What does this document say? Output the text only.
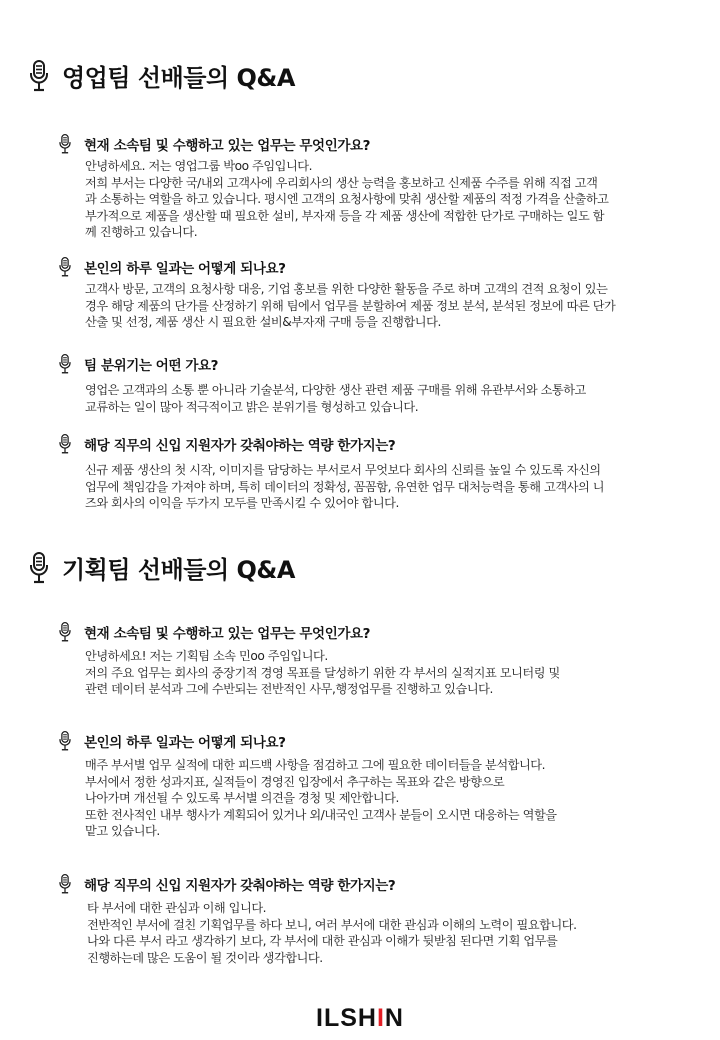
영업팀 선배들의 Q&A
현재 소속팀 및 수행하고 있는 업무는 무엇인가요?
안녕하세요. 저는 영업그룹 박oo 주임입니다.
저희 부서는 다양한 국/내외 고객사에 우리회사의 생산 능력을 홍보하고 신제품 수주를 위해 직접 고객
과 소통하는 역할을 하고 있습니다. 평시엔 고객의 요청사항에 맞춰 생산할 제품의 적정 가격을 산출하고
부가적으로 제품을 생산할 때 필요한 설비, 부자재 등을 각 제품 생산에 적합한 단가로 구매하는 일도 함
께 진행하고 있습니다.
본인의 하루 일과는 어떻게 되나요?
고객사 방문, 고객의 요청사항 대응, 기업 홍보를 위한 다양한 활동을 주로 하며 고객의 견적 요청이 있는
경우 해당 제품의 단가를 산정하기 위해 팀에서 업무를 분할하여 제품 정보 분석, 분석된 정보에 따른 단가
산출 및 선정, 제품 생산 시 필요한 설비&부자재 구매 등을 진행합니다.
팀 분위기는 어떤 가요?
영업은 고객과의 소통 뿐 아니라 기술분석, 다양한 생산 관련 제품 구매를 위해 유관부서와 소통하고
교류하는 일이 많아 적극적이고 밝은 분위기를 형성하고 있습니다.
해당 직무의 신입 지원자가 갖춰야하는 역량 한가지는?
신규 제품 생산의 첫 시작, 이미지를 담당하는 부서로서 무엇보다 회사의 신뢰를 높일 수 있도록 자신의
업무에 책임감을 가져야 하며, 특히 데이터의 정확성, 꼼꼼함, 유연한 업무 대처능력을 통해 고객사의 니
즈와 회사의 이익을 두가지 모두를 만족시킬 수 있어야 합니다.
기획팀 선배들의 Q&A
현재 소속팀 및 수행하고 있는 업무는 무엇인가요?
안녕하세요! 저는 기획팀 소속 민oo 주임입니다.
저의 주요 업무는 회사의 중장기적 경영 목표를 달성하기 위한 각 부서의 실적지표 모니터링 및
관련 데이터 분석과 그에 수반되는 전반적인 사무,행정업무를 진행하고 있습니다.
본인의 하루 일과는 어떻게 되나요?
매주 부서별 업무 실적에 대한 피드백 사항을 점검하고 그에 필요한 데이터들을 분석합니다.
부서에서 정한 성과지표, 실적들이 경영진 입장에서 추구하는 목표와 같은 방향으로
나아가며 개선될 수 있도록 부서별 의견을 경청 및 제안합니다.
또한 전사적인 내부 행사가 계획되어 있거나 외/내국인 고객사 분들이 오시면 대응하는 역할을
맡고 있습니다.
해당 직무의 신입 지원자가 갖춰야하는 역량 한가지는?
타 부서에 대한 관심과 이해 입니다.
전반적인 부서에 걸친 기획업무를 하다 보니, 여러 부서에 대한 관심과 이해의 노력이 필요합니다.
나와 다른 부서 라고 생각하기 보다, 각 부서에 대한 관심과 이해가 뒷받침 된다면 기획 업무를
진행하는데 많은 도움이 될 것이라 생각합니다.
ILSHIN
